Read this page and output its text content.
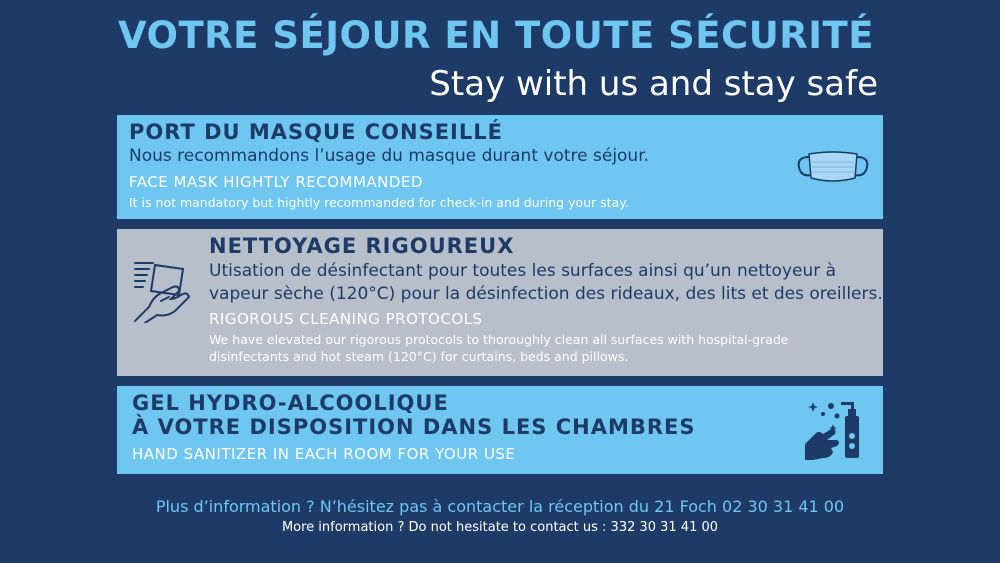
VOTRE SÉJOUR EN TOUTE SÉCURITÉ
Stay with us and stay safe
PORT DU MASQUE CONSEILLÉ
Nous recommandons l’usage du masque durant votre séjour.
FACE MASK HIGHTLY RECOMMANDED
It is not mandatory but hightly recommanded for check-in and during your stay.
NETTOYAGE RIGOUREUX
Utisation de désinfectant pour toutes les surfaces ainsi qu’un nettoyeur à
vapeur sèche (120°C) pour la désinfection des rideaux, des lits et des oreillers.
RIGOROUS CLEANING PROTOCOLS
We have elevated our rigorous protocols to thoroughly clean all surfaces with hospital-grade
disinfectants and hot steam (120°C) for curtains, beds and pillows.
GEL HYDRO-ALCOOLIQUE
À VOTRE DISPOSITION DANS LES CHAMBRES
HAND SANITIZER IN EACH ROOM FOR YOUR USE
Plus d’information ? N’hésitez pas à contacter la réception du 21 Foch 02 30 31 41 00
More information ? Do not hesitate to contact us : 332 30 31 41 00
